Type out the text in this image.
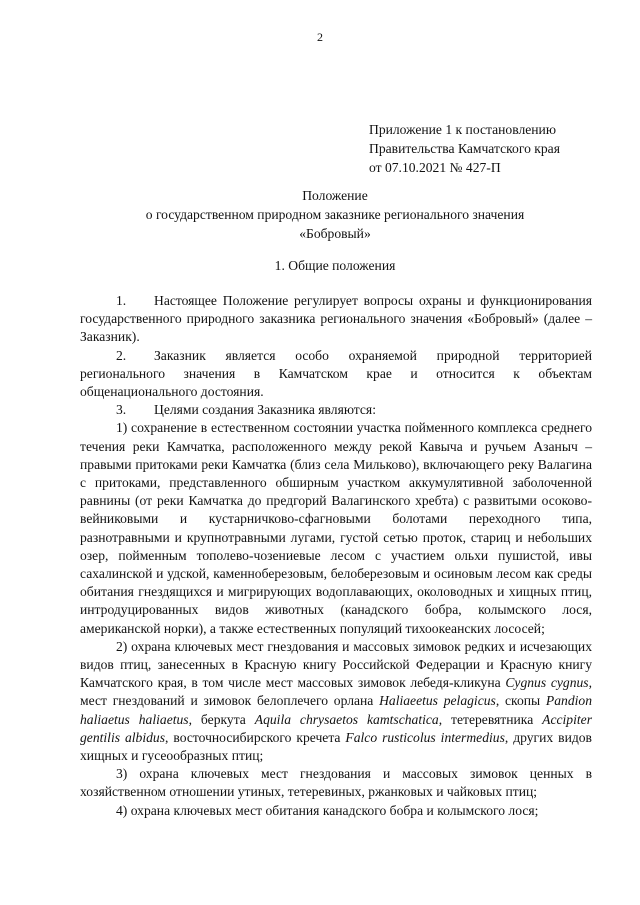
2
Приложение 1 к постановлению
Правительства Камчатского края
от 07.10.2021 № 427-П
Положение
о государственном природном заказнике регионального значения
«Бобровый»
1. Общие положения

1. Настоящее Положение регулирует вопросы охраны и функционирования государственного природного заказника регионального значения «Бобровый» (далее – Заказник).

2. Заказник является особо охраняемой природной территорией регионального значения в Камчатском крае и относится к объектам общенационального достояния.

3. Целями создания Заказника являются:

1) сохранение в естественном состоянии участка пойменного комплекса среднего течения реки Камчатка, расположенного между рекой Кавыча и ручьем Азаныч – правыми притоками реки Камчатка (близ села Мильково), включающего реку Валагина с притоками, представленного обширным участком аккумулятивной заболоченной равнины (от реки Камчатка до предгорий Валагинского хребта) с развитыми осоково-вейниковыми и кустарничково-сфагновыми болотами переходного типа, разнотравными и крупнотравными лугами, густой сетью проток, стариц и небольших озер, пойменным тополево-чозениевые лесом с участием ольхи пушистой, ивы сахалинской и удской, каменноберезовым, белоберезовым и осиновым лесом как среды обитания гнездящихся и мигрирующих водоплавающих, околоводных и хищных птиц, интродуцированных видов животных (канадского бобра, колымского лося, американской норки), а также естественных популяций тихоокеанских лососей;

2) охрана ключевых мест гнездования и массовых зимовок редких и исчезающих видов птиц, занесенных в Красную книгу Российской Федерации и Красную книгу Камчатского края, в том числе мест массовых зимовок лебедя-кликуна Cygnus cygnus, мест гнездований и зимовок белоплечего орлана Haliaeetus pelagicus, скопы Pandion haliaetus haliaetus, беркута Aquila chrysaetos kamtschatica, тетеревятника Accipiter gentilis albidus, восточносибирского кречета Falco rusticolus intermedius, других видов хищных и гусеообразных птиц;

3) охрана ключевых мест гнездования и массовых зимовок ценных в хозяйственном отношении утиных, тетеревиных, ржанковых и чайковых птиц;

4) охрана ключевых мест обитания канадского бобра и колымского лося;
